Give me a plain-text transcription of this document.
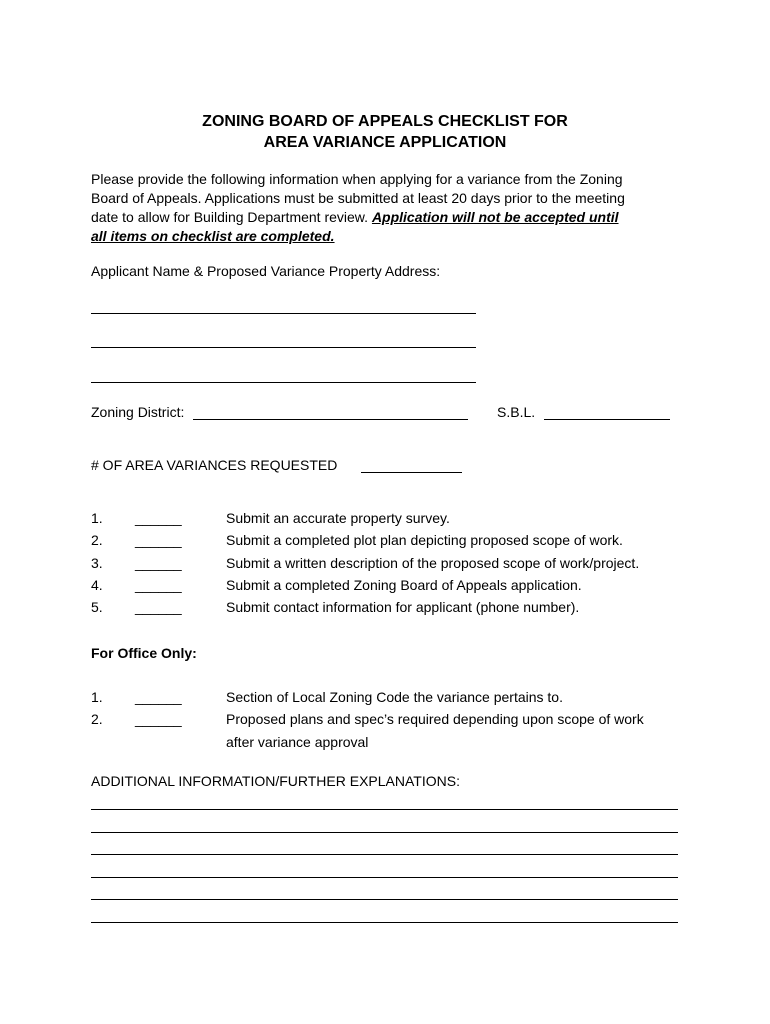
ZONING BOARD OF APPEALS CHECKLIST FOR
AREA VARIANCE APPLICATION
Please provide the following information when applying for a variance from the Zoning
Board of Appeals. Applications must be submitted at least 20 days prior to the meeting
date to allow for Building Department review. Application will not be accepted until
all items on checklist are completed.
Applicant Name & Proposed Variance Property Address:
Zoning District:	S.B.L.
# OF AREA VARIANCES REQUESTED
1. ______	Submit an accurate property survey.
2. ______	Submit a completed plot plan depicting proposed scope of work.
3. ______	Submit a written description of the proposed scope of work/project.
4. ______	Submit a completed Zoning Board of Appeals application.
5. ______	Submit contact information for applicant (phone number).
For Office Only:
1. ______	Section of Local Zoning Code the variance pertains to.
2. ______	Proposed plans and spec’s required depending upon scope of work
after variance approval
ADDITIONAL INFORMATION/FURTHER EXPLANATIONS:
